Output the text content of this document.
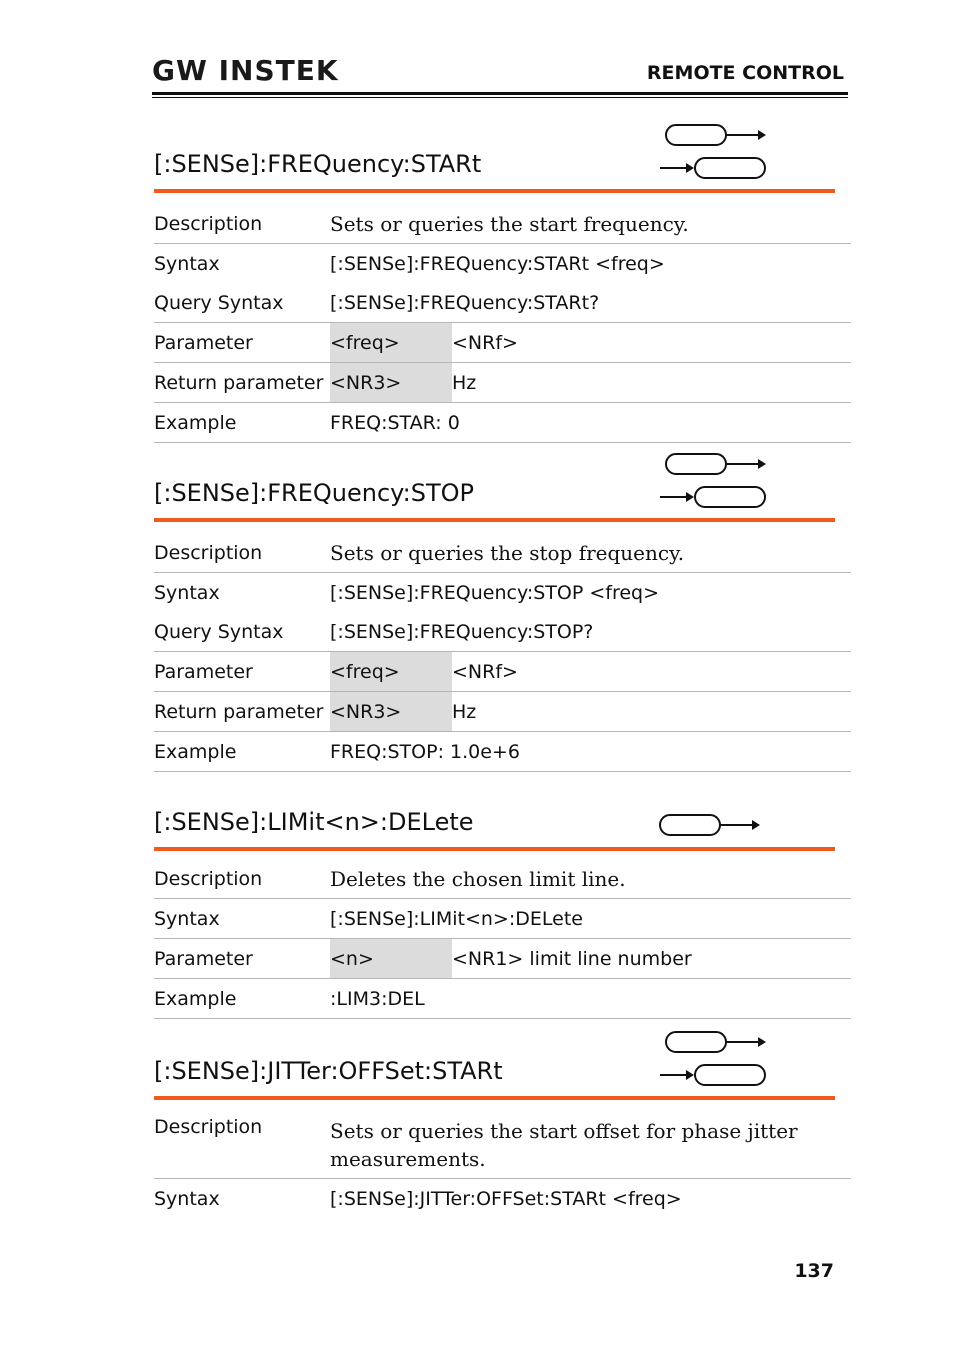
GW INSTEK	REMOTE CONTROL
[:SENSe]:FREQuency:STARt
Description	Sets or queries the start frequency.	
Syntax	[:SENSe]:FREQuency:STARt <freq>	
Query Syntax	[:SENSe]:FREQuency:STARt?	
Parameter	<freq>	<NRf>
Return parameter	<NR3>	Hz
Example	FREQ:STAR: 0	
[:SENSe]:FREQuency:STOP
Description	Sets or queries the stop frequency.	
Syntax	[:SENSe]:FREQuency:STOP <freq>	
Query Syntax	[:SENSe]:FREQuency:STOP?	
Parameter	<freq>	<NRf>
Return parameter	<NR3>	Hz
Example	FREQ:STOP: 1.0e+6	
[:SENSe]:LIMit<n>:DELete
Description	Deletes the chosen limit line.	
Syntax	[:SENSe]:LIMit<n>:DELete	
Parameter	<n>	<NR1> limit line number
Example	:LIM3:DEL	
[:SENSe]:JITTer:OFFSet:STARt
Description	Sets or queries the start offset for phase jitter measurements.
Syntax	[:SENSe]:JITTer:OFFSet:STARt <freq>
137
